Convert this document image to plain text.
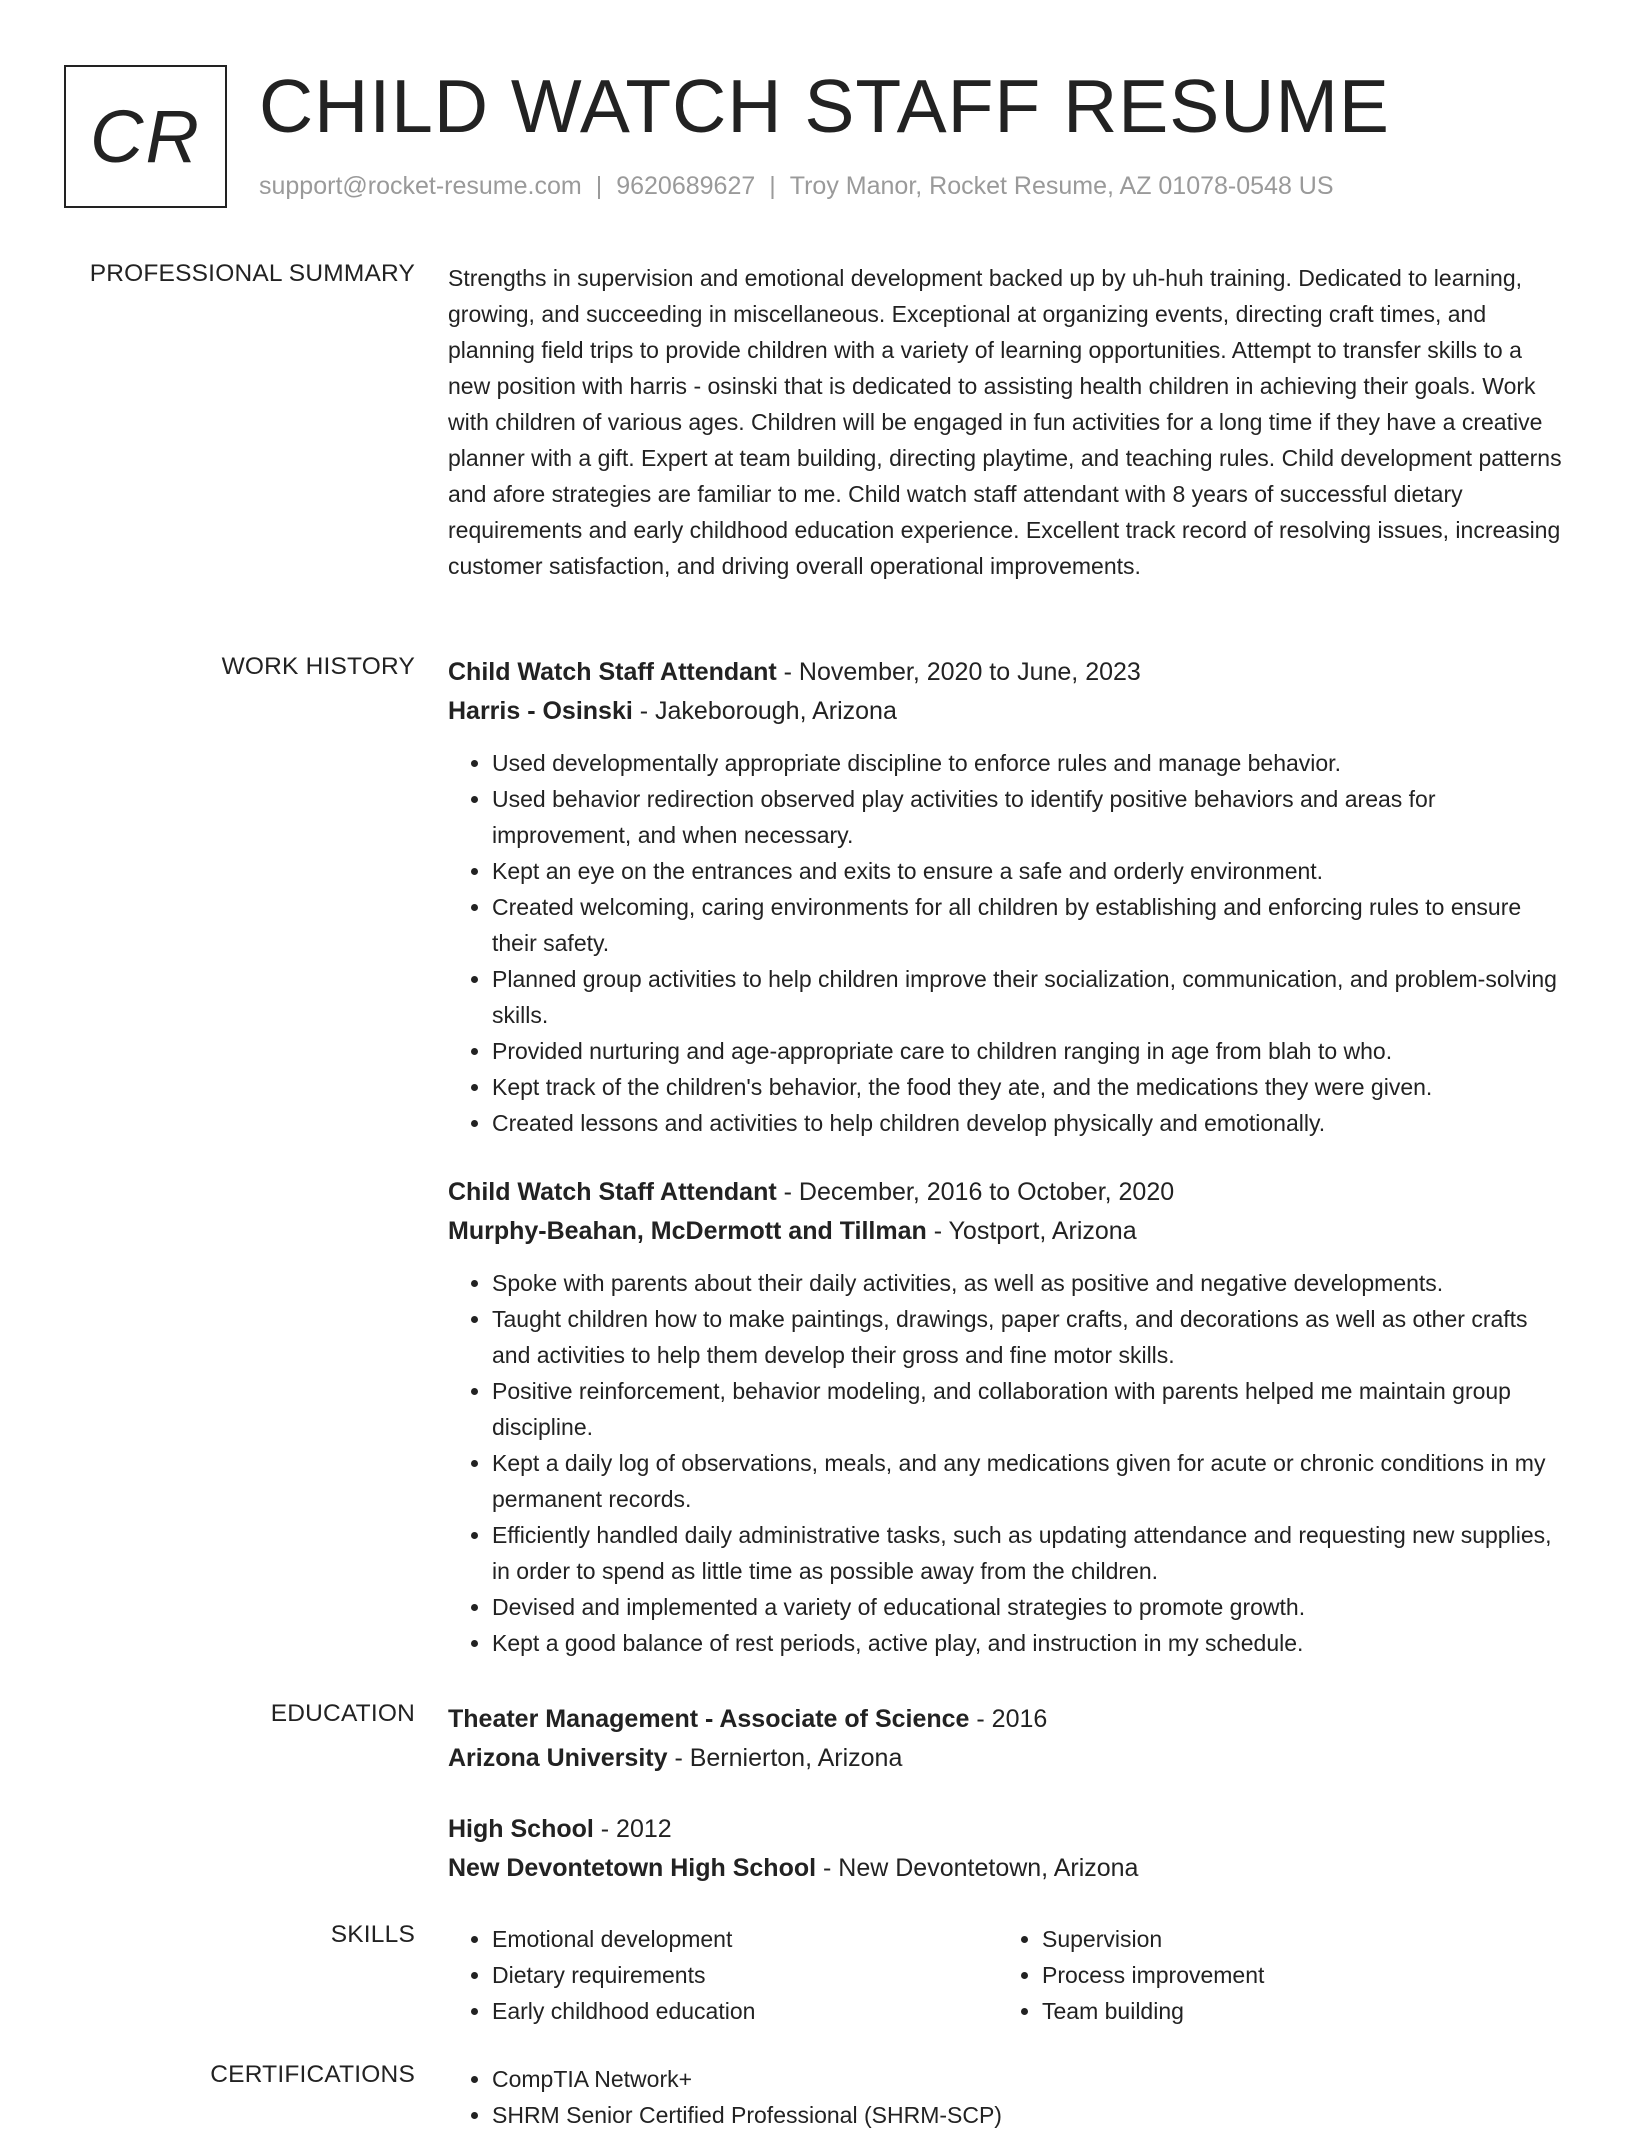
CR CHILD WATCH STAFF RESUME
support@rocket-resume.com | 9620689627 | Troy Manor, Rocket Resume, AZ 01078-0548 US
PROFESSIONAL SUMMARY Strengths in supervision and emotional development backed up by uh-huh training. Dedicated to learning, growing, and succeeding in miscellaneous. Exceptional at organizing events, directing craft times, and planning field trips to provide children with a variety of learning opportunities. Attempt to transfer skills to a new position with harris - osinski that is dedicated to assisting health children in achieving their goals. Work with children of various ages. Children will be engaged in fun activities for a long time if they have a creative planner with a gift. Expert at team building, directing playtime, and teaching rules. Child development patterns and afore strategies are familiar to me. Child watch staff attendant with 8 years of successful dietary requirements and early childhood education experience. Excellent track record of resolving issues, increasing customer satisfaction, and driving overall operational improvements.

WORK HISTORY Child Watch Staff Attendant - November, 2020 to June, 2023
Harris - Osinski - Jakeborough, Arizona
• Used developmentally appropriate discipline to enforce rules and manage behavior.
• Used behavior redirection observed play activities to identify positive behaviors and areas for improvement, and when necessary.
• Kept an eye on the entrances and exits to ensure a safe and orderly environment.
• Created welcoming, caring environments for all children by establishing and enforcing rules to ensure their safety.
• Planned group activities to help children improve their socialization, communication, and problem-solving skills.
• Provided nurturing and age-appropriate care to children ranging in age from blah to who.
• Kept track of the children's behavior, the food they ate, and the medications they were given.
• Created lessons and activities to help children develop physically and emotionally.
Child Watch Staff Attendant - December, 2016 to October, 2020
Murphy-Beahan, McDermott and Tillman - Yostport, Arizona
• Spoke with parents about their daily activities, as well as positive and negative developments.
• Taught children how to make paintings, drawings, paper crafts, and decorations as well as other crafts and activities to help them develop their gross and fine motor skills.
• Positive reinforcement, behavior modeling, and collaboration with parents helped me maintain group discipline.
• Kept a daily log of observations, meals, and any medications given for acute or chronic conditions in my permanent records.
• Efficiently handled daily administrative tasks, such as updating attendance and requesting new supplies, in order to spend as little time as possible away from the children.
• Devised and implemented a variety of educational strategies to promote growth.
• Kept a good balance of rest periods, active play, and instruction in my schedule.
EDUCATION Theater Management - Associate of Science - 2016
Arizona University - Bernierton, Arizona
High School - 2012
New Devontetown High School - New Devontetown, Arizona
SKILLS	• Emotional development
• Dietary requirements
• Early childhood education
• Supervision
• Process improvement
• Team building
CERTIFICATIONS	• CompTIA Network+
• SHRM Senior Certified Professional (SHRM-SCP)
